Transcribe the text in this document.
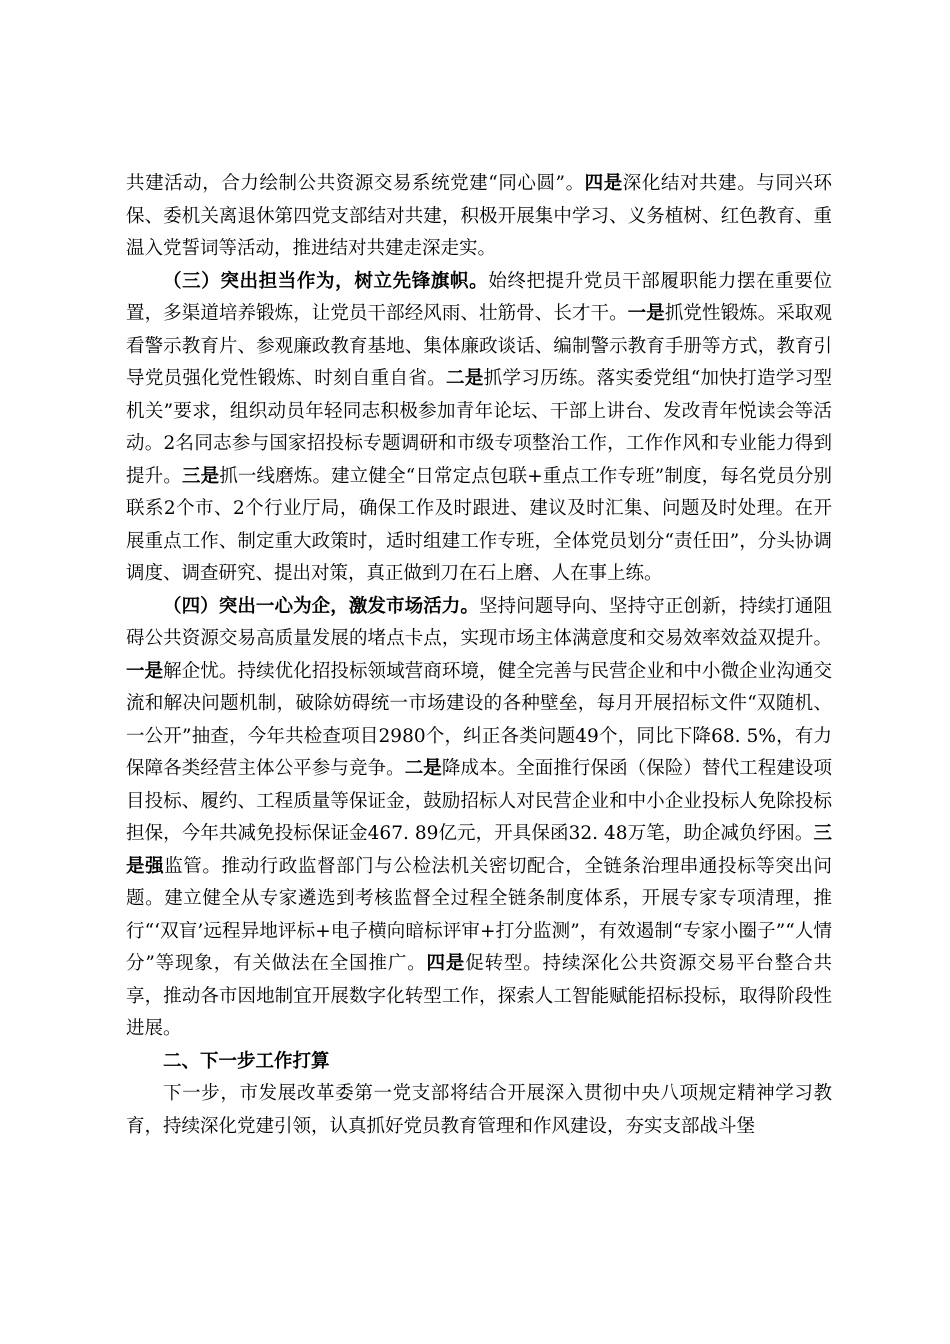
共建活动，合力绘制公共资源交易系统党建“同心圆”。四是深化结对共建。与同兴环保、委机关离退休第四党支部结对共建，积极开展集中学习、义务植树、红色教育、重温入党誓词等活动，推进结对共建走深走实。

（三）突出担当作为，树立先锋旗帜。始终把提升党员干部履职能力摆在重要位置，多渠道培养锻炼，让党员干部经风雨、壮筋骨、长才干。一是抓党性锻炼。采取观看警示教育片、参观廉政教育基地、集体廉政谈话、编制警示教育手册等方式，教育引导党员强化党性锻炼、时刻自重自省。二是抓学习历练。落实委党组“加快打造学习型机关”要求，组织动员年轻同志积极参加青年论坛、干部上讲台、发改青年悦读会等活动。2名同志参与国家招投标专题调研和市级专项整治工作，工作作风和专业能力得到提升。三是抓一线磨炼。建立健全“日常定点包联+重点工作专班”制度，每名党员分别联系2个市、2个行业厅局，确保工作及时跟进、建议及时汇集、问题及时处理。在开展重点工作、制定重大政策时，适时组建工作专班，全体党员划分“责任田”，分头协调调度、调查研究、提出对策，真正做到刀在石上磨、人在事上练。

（四）突出一心为企，激发市场活力。坚持问题导向、坚持守正创新，持续打通阻碍公共资源交易高质量发展的堵点卡点，实现市场主体满意度和交易效率效益双提升。一是解企忧。持续优化招投标领域营商环境，健全完善与民营企业和中小微企业沟通交流和解决问题机制，破除妨碍统一市场建设的各种壁垒，每月开展招标文件“双随机、一公开”抽查，今年共检查项目2980个，纠正各类问题49个，同比下降68. 5%，有力保障各类经营主体公平参与竞争。二是降成本。全面推行保函（保险）替代工程建设项目投标、履约、工程质量等保证金，鼓励招标人对民营企业和中小企业投标人免除投标担保，今年共减免投标保证金467. 89亿元，开具保函32. 48万笔，助企减负纾困。三是强监管。推动行政监督部门与公检法机关密切配合，全链条治理串通投标等突出问题。建立健全从专家遴选到考核监督全过程全链条制度体系，开展专家专项清理，推行“‘双盲’远程异地评标+电子横向暗标评审+打分监测”，有效遏制“专家小圈子”“人情分”等现象，有关做法在全国推广。四是促转型。持续深化公共资源交易平台整合共享，推动各市因地制宜开展数字化转型工作，探索人工智能赋能招标投标，取得阶段性进展。

二、下一步工作打算

下一步，市发展改革委第一党支部将结合开展深入贯彻中央八项规定精神学习教育，持续深化党建引领，认真抓好党员教育管理和作风建设，夯实支部战斗堡
